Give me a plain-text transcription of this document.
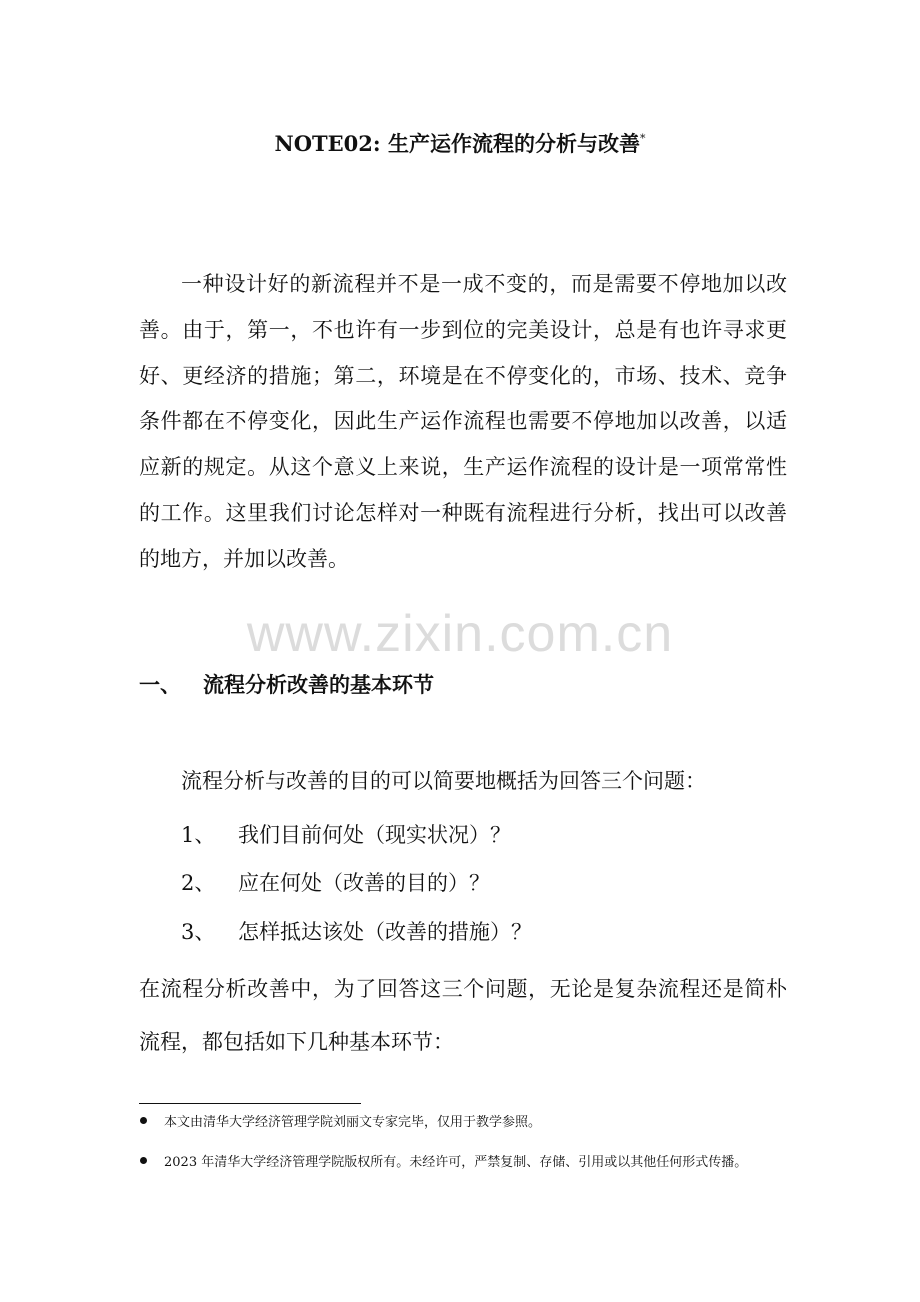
NOTE02: 生产运作流程的分析与改善*
一种设计好的新流程并不是一成不变的，而是需要不停地加以改善。由于，第一，不也许有一步到位的完美设计，总是有也许寻求更好、更经济的措施；第二，环境是在不停变化的，市场、技术、竞争条件都在不停变化，因此生产运作流程也需要不停地加以改善，以适应新的规定。从这个意义上来说，生产运作流程的设计是一项常常性的工作。这里我们讨论怎样对一种既有流程进行分析，找出可以改善的地方，并加以改善。
www.zixin.com.cn
一、 流程分析改善的基本环节
流程分析与改善的目的可以简要地概括为回答三个问题：
1、 我们目前何处（现实状况）？
2、 应在何处（改善的目的）？
3、 怎样抵达该处（改善的措施）？
在流程分析改善中，为了回答这三个问题，无论是复杂流程还是简朴流程，都包括如下几种基本环节：
本文由清华大学经济管理学院刘丽文专家完毕，仅用于教学参照。
2023 年清华大学经济管理学院版权所有。未经许可，严禁复制、存储、引用或以其他任何形式传播。
